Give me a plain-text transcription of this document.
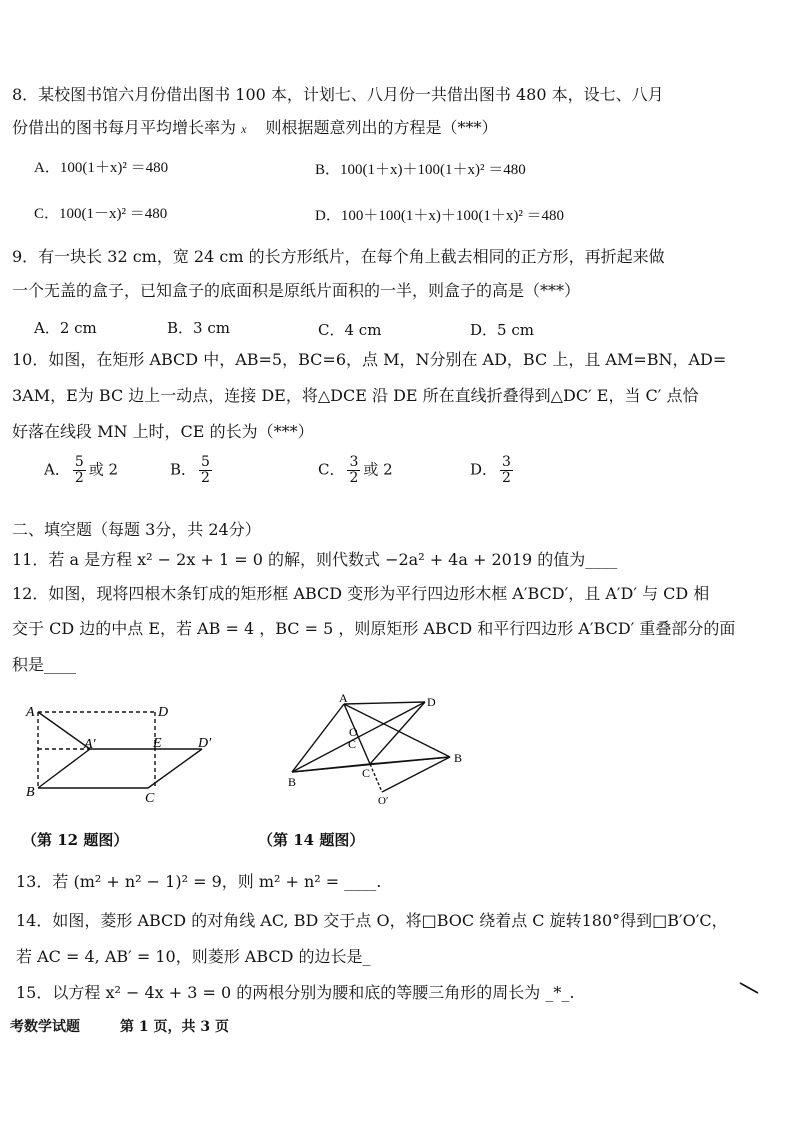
8．某校图书馆六月份借出图书 100 本，计划七、八月份一共借出图书 480 本，设七、八月
份借出的图书每月平均增长率为 x 则根据题意列出的方程是（***）
A．100(1＋x)² ＝480	B．100(1＋x)＋100(1＋x)² ＝480
C．100(1－x)² ＝480	D．100＋100(1＋x)＋100(1＋x)² ＝480
9．有一块长 32 cm，宽 24 cm 的长方形纸片，在每个角上截去相同的正方形，再折起来做
一个无盖的盒子，已知盒子的底面积是原纸片面积的一半，则盒子的高是（***）
A．2 cm	B．3 cm	C．4 cm	D．5 cm
10．如图，在矩形 ABCD 中，AB=5，BC=6，点 M，N分别在 AD，BC 上，且 AM=BN，AD=
3AM，E为 BC 边上一动点，连接 DE，将△DCE 沿 DE 所在直线折叠得到△DC′ E，当 C′ 点恰
好落在线段 MN 上时，CE 的长为（***）
A． $\frac{5}{2}$ 或 2	B． $\frac{5}{2}$	C． $\frac{3}{2}$ 或 2	D． $\frac{3}{2}$
二、填空题（每题 3分，共 24分）
11．若 a 是方程 x² − 2x + 1 = 0 的解，则代数式 −2a² + 4a + 2019 的值为____
12．如图，现将四根木条钉成的矩形框 ABCD 变形为平行四边形木框 A′BCD′，且 A′D′ 与 CD 相
交于 CD 边的中点 E，若 AB = 4 ，BC = 5 ，则原矩形 ABCD 和平行四边形 A′BCD′ 重叠部分的面
积是____
A	D
A′	E	D′
B	C
（第 12 题图）
A	D
O
C
B
B
C
O′
（第 14 题图）
13．若 (m² + n² − 1)² = 9，则 m² + n² = ____.
14．如图，菱形 ABCD 的对角线 AC, BD 交于点 O，将□BOC 绕着点 C 旋转180°得到□B′O′C，
若 AC = 4, AB′ = 10，则菱形 ABCD 的边长是_
15．以方程 x² − 4x + 3 = 0 的两根分别为腰和底的等腰三角形的周长为 _*_.
考数学试题	第 1 页，共 3 页
